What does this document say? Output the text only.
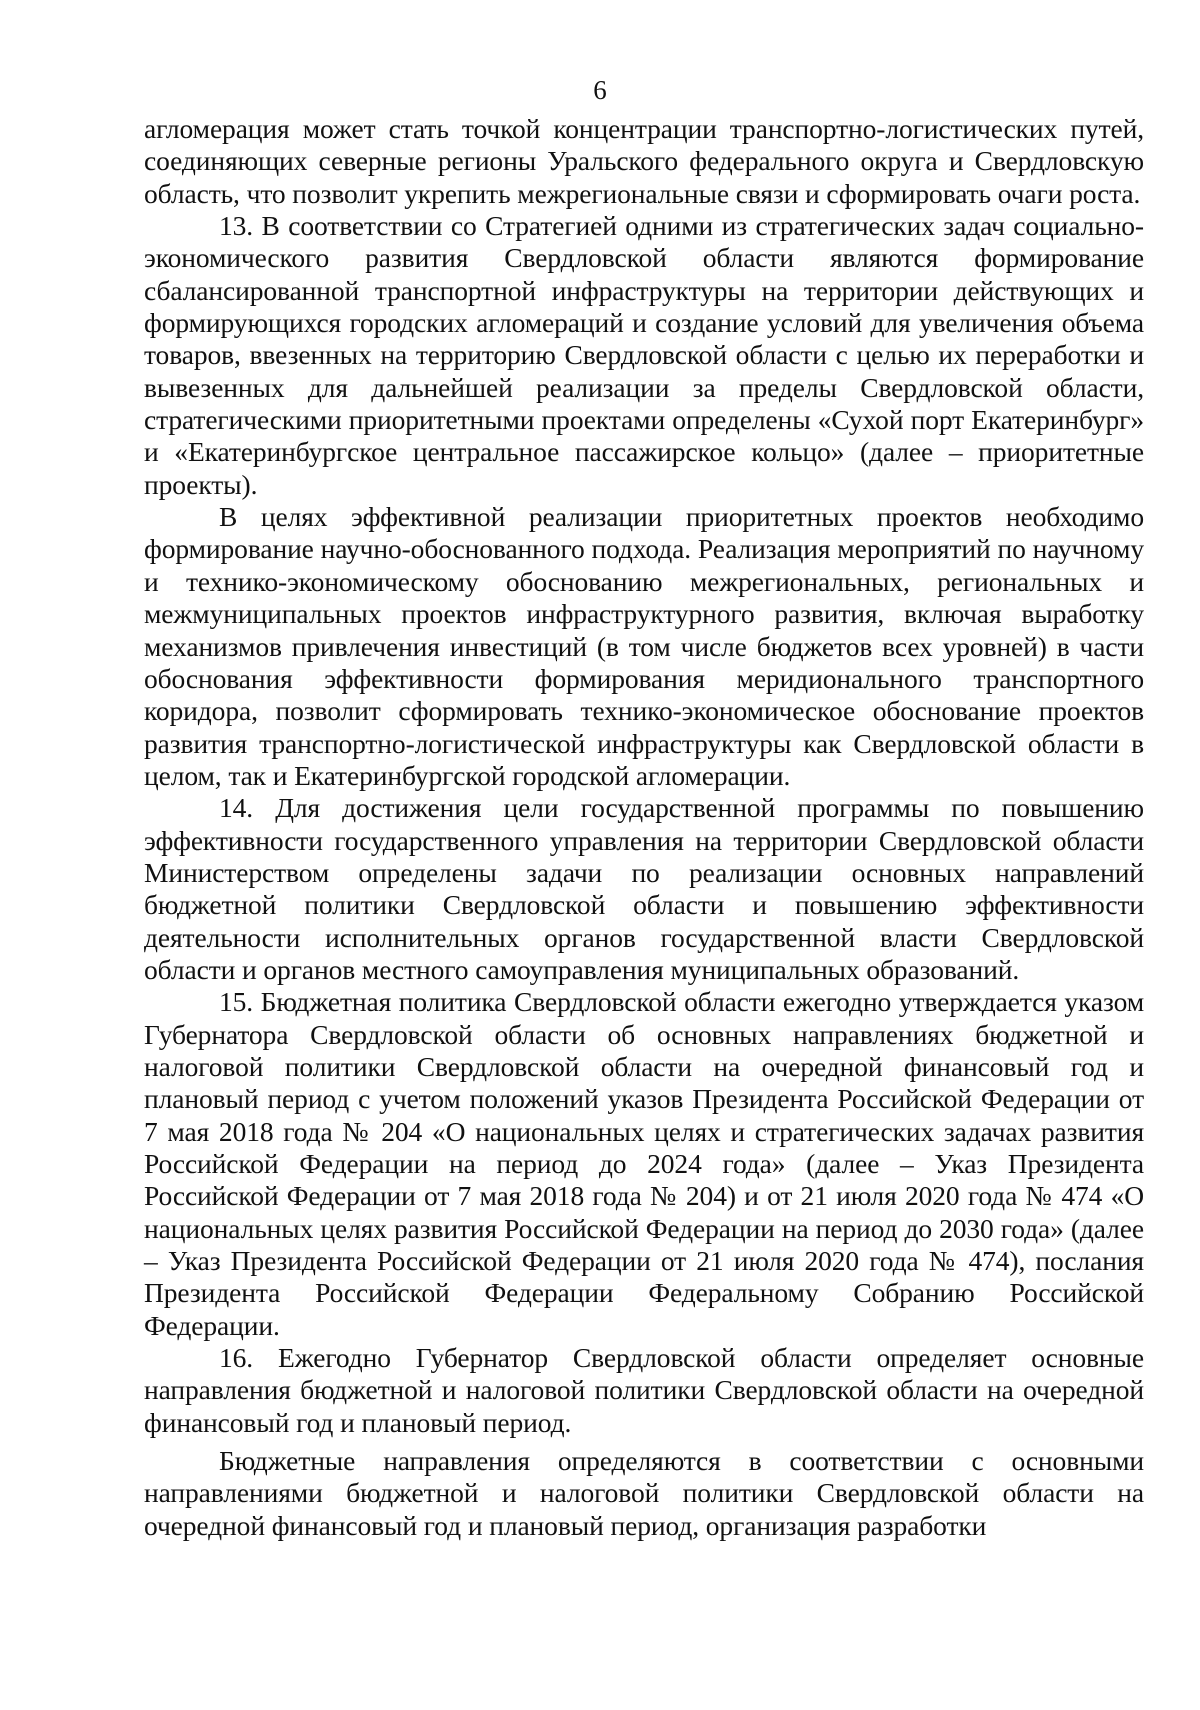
6

агломерация может стать точкой концентрации транспортно-логистических путей, соединяющих северные регионы Уральского федерального округа и Свердловскую область, что позволит укрепить межрегиональные связи и сформировать очаги роста.

13. В соответствии со Стратегией одними из стратегических задач социально-экономического развития Свердловской области являются формирование сбалансированной транспортной инфраструктуры на территории действующих и формирующихся городских агломераций и создание условий для увеличения объема товаров, ввезенных на территорию Свердловской области с целью их переработки и вывезенных для дальнейшей реализации за пределы Свердловской области, стратегическими приоритетными проектами определены «Сухой порт Екатеринбург» и «Екатеринбургское центральное пассажирское кольцо» (далее – приоритетные проекты).

В целях эффективной реализации приоритетных проектов необходимо формирование научно-обоснованного подхода. Реализация мероприятий по научному и технико-экономическому обоснованию межрегиональных, региональных и межмуниципальных проектов инфраструктурного развития, включая выработку механизмов привлечения инвестиций (в том числе бюджетов всех уровней) в части обоснования эффективности формирования меридионального транспортного коридора, позволит сформировать технико-экономическое обоснование проектов развития транспортно-логистической инфраструктуры как Свердловской области в целом, так и Екатеринбургской городской агломерации.

14. Для достижения цели государственной программы по повышению эффективности государственного управления на территории Свердловской области Министерством определены задачи по реализации основных направлений бюджетной политики Свердловской области и повышению эффективности деятельности исполнительных органов государственной власти Свердловской области и органов местного самоуправления муниципальных образований.

15. Бюджетная политика Свердловской области ежегодно утверждается указом Губернатора Свердловской области об основных направлениях бюджетной и налоговой политики Свердловской области на очередной финансовый год и плановый период с учетом положений указов Президента Российской Федерации от 7 мая 2018 года № 204 «О национальных целях и стратегических задачах развития Российской Федерации на период до 2024 года» (далее – Указ Президента Российской Федерации от 7 мая 2018 года № 204) и от 21 июля 2020 года № 474 «О национальных целях развития Российской Федерации на период до 2030 года» (далее – Указ Президента Российской Федерации от 21 июля 2020 года № 474), послания Президента Российской Федерации Федеральному Собранию Российской Федерации.

16. Ежегодно Губернатор Свердловской области определяет основные направления бюджетной и налоговой политики Свердловской области на очередной финансовый год и плановый период.

Бюджетные направления определяются в соответствии с основными направлениями бюджетной и налоговой политики Свердловской области на очередной финансовый год и плановый период, организация разработки
